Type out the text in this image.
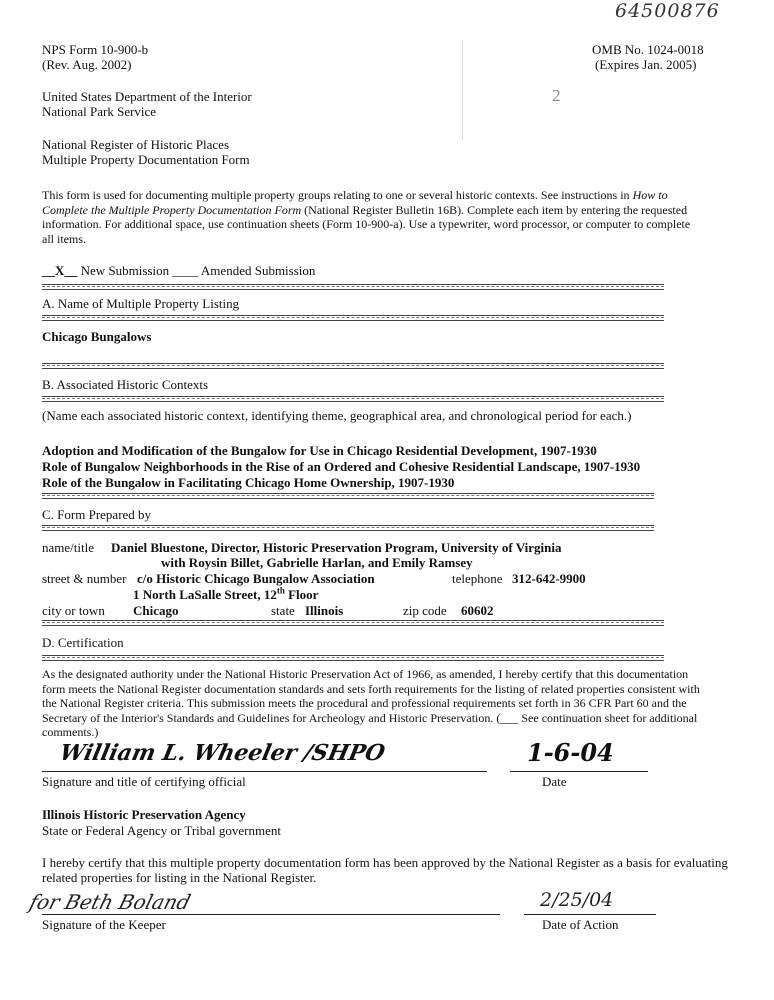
64500876
2
NPS Form 10-900-b
(Rev. Aug. 2002)
OMB No. 1024-0018
(Expires Jan. 2005)
United States Department of the Interior
National Park Service
National Register of Historic Places
Multiple Property Documentation Form
This form is used for documenting multiple property groups relating to one or several historic contexts. See instructions in How to Complete the Multiple Property Documentation Form (National Register Bulletin 16B). Complete each item by entering the requested information. For additional space, use continuation sheets (Form 10-900-a). Use a typewriter, word processor, or computer to complete all items.
__X__ New Submission ____ Amended Submission
A. Name of Multiple Property Listing
Chicago Bungalows
B. Associated Historic Contexts
(Name each associated historic context, identifying theme, geographical area, and chronological period for each.)
Adoption and Modification of the Bungalow for Use in Chicago Residential Development, 1907-1930
Role of Bungalow Neighborhoods in the Rise of an Ordered and Cohesive Residential Landscape, 1907-1930
Role of the Bungalow in Facilitating Chicago Home Ownership, 1907-1930
C. Form Prepared by
name/title Daniel Bluestone, Director, Historic Preservation Program, University of Virginia
with Roysin Billet, Gabrielle Harlan, and Emily Ramsey
street & number c/o Historic Chicago Bungalow Association	telephone 312-642-9900
1 North LaSalle Street, 12th Floor
city or town Chicago	state Illinois	zip code 60602
D. Certification
As the designated authority under the National Historic Preservation Act of 1966, as amended, I hereby certify that this documentation form meets the National Register documentation standards and sets forth requirements for the listing of related properties consistent with the National Register criteria. This submission meets the procedural and professional requirements set forth in 36 CFR Part 60 and the Secretary of the Interior's Standards and Guidelines for Archeology and Historic Preservation. (___ See continuation sheet for additional comments.)
William L. Wheeler /SHPO	1-6-04
Signature and title of certifying official	Date
Illinois Historic Preservation Agency
State or Federal Agency or Tribal government
I hereby certify that this multiple property documentation form has been approved by the National Register as a basis for evaluating related properties for listing in the National Register.
for Beth Boland	2/25/04
Signature of the Keeper	Date of Action
